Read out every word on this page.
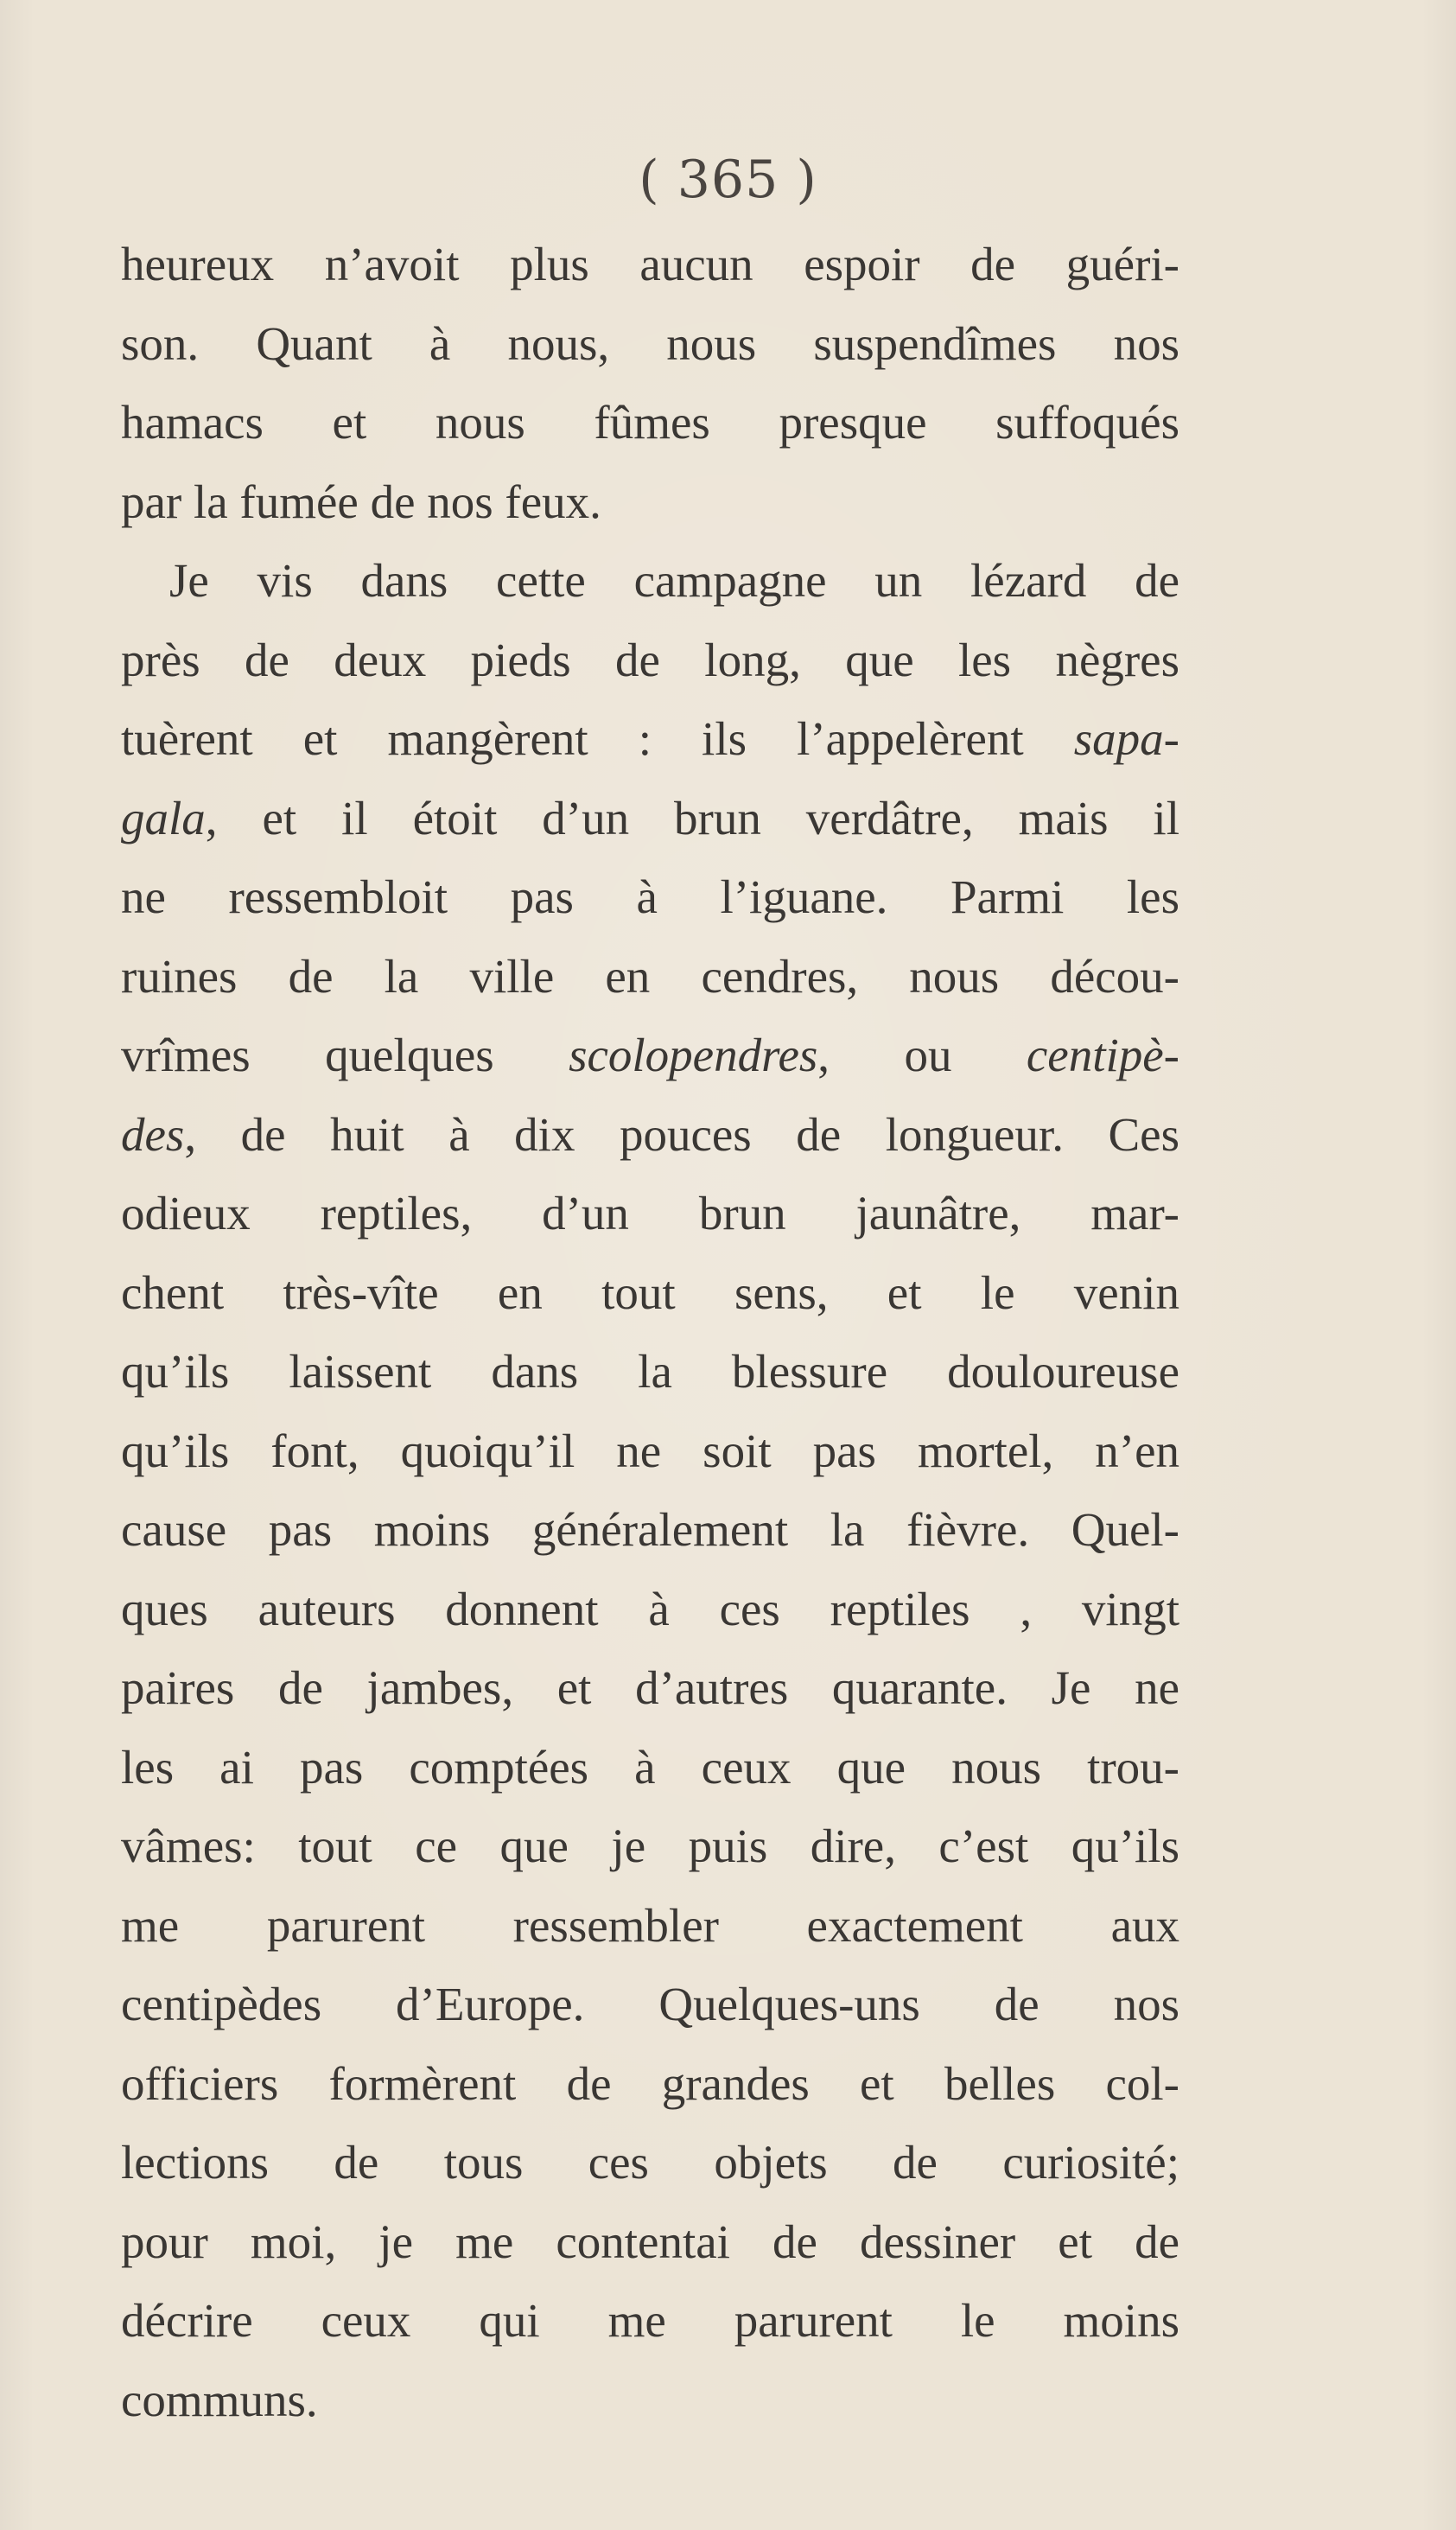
( 365 )
heureux n’avoit plus aucun espoir de guéri-
son. Quant à nous, nous suspendîmes nos
hamacs et nous fûmes presque suffoqués
par la fumée de nos feux.
Je vis dans cette campagne un lézard de
près de deux pieds de long, que les nègres
tuèrent et mangèrent : ils l’appelèrent sapa-
gala, et il étoit d’un brun verdâtre, mais il
ne ressembloit pas à l’iguane. Parmi les
ruines de la ville en cendres, nous décou-
vrîmes quelques scolopendres, ou centipè-
des, de huit à dix pouces de longueur. Ces
odieux reptiles, d’un brun jaunâtre, mar-
chent très-vîte en tout sens, et le venin
qu’ils laissent dans la blessure douloureuse
qu’ils font, quoiqu’il ne soit pas mortel, n’en
cause pas moins généralement la fièvre. Quel-
ques auteurs donnent à ces reptiles , vingt
paires de jambes, et d’autres quarante. Je ne
les ai pas comptées à ceux que nous trou-
vâmes: tout ce que je puis dire, c’est qu’ils
me parurent ressembler exactement aux
centipèdes d’Europe. Quelques-uns de nos
officiers formèrent de grandes et belles col-
lections de tous ces objets de curiosité;
pour moi, je me contentai de dessiner et de
décrire ceux qui me parurent le moins
communs.
